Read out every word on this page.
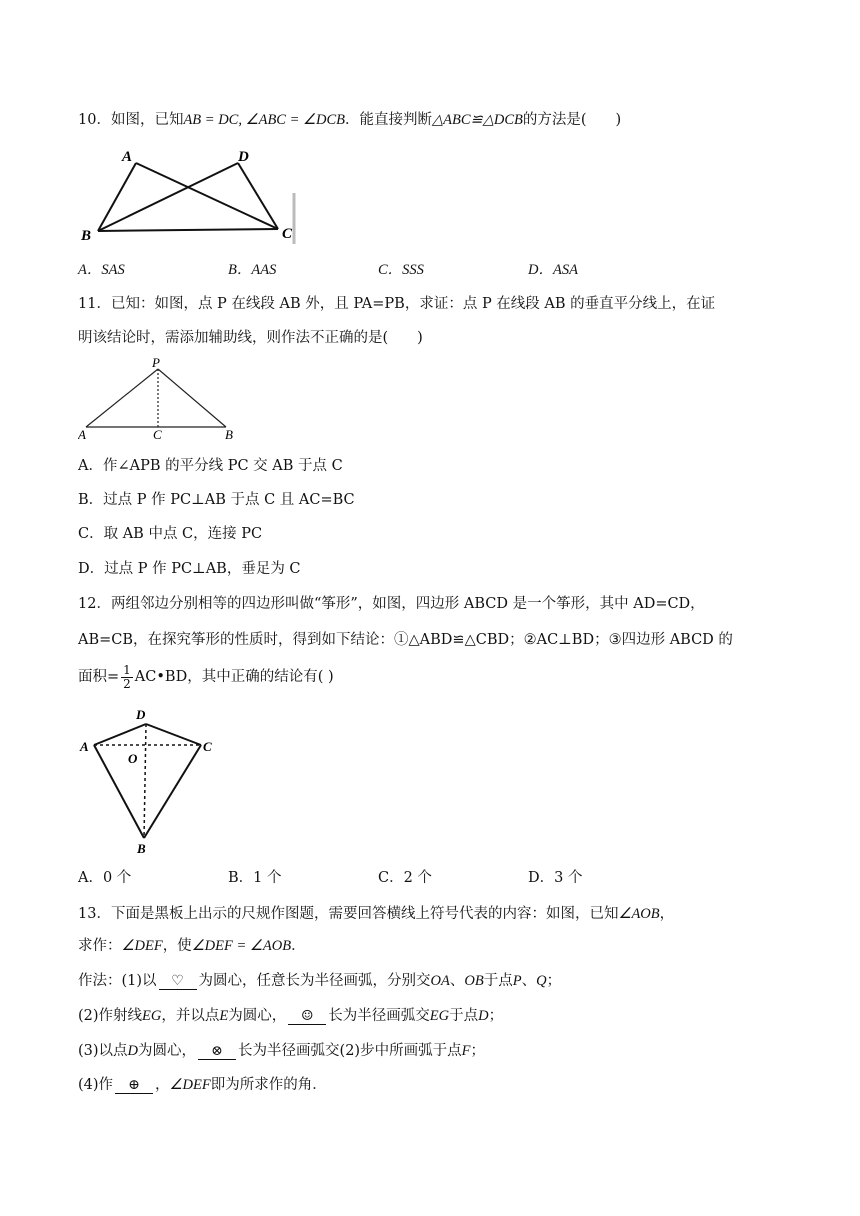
10．如图，已知AB = DC, ∠ABC = ∠DCB．能直接判断△ABC≌△DCB的方法是(　　)
A	D
B	C
A．SAS	B．AAS	C．SSS	D．ASA
11．已知：如图，点 P 在线段 AB 外，且 PA=PB，求证：点 P 在线段 AB 的垂直平分线上，在证
明该结论时，需添加辅助线，则作法不正确的是(　　)
P
A	C	B
A．作∠APB 的平分线 PC 交 AB 于点 C
B．过点 P 作 PC⊥AB 于点 C 且 AC=BC
C．取 AB 中点 C，连接 PC
D．过点 P 作 PC⊥AB，垂足为 C
12．两组邻边分别相等的四边形叫做“筝形”，如图，四边形 ABCD 是一个筝形，其中 AD=CD，
AB=CB，在探究筝形的性质时，得到如下结论：①△ABD≌△CBD；②AC⊥BD；③四边形 ABCD 的
面积= $\frac{1}{2}$ AC•BD，其中正确的结论有( )
D
A	C
O
B
A．0 个	B．1 个	C．2 个	D．3 个
13．下面是黑板上出示的尺规作图题，需要回答横线上符号代表的内容：如图，已知∠AOB，
求作：∠DEF，使∠DEF = ∠AOB．
作法：(1)以 ♡ 为圆心，任意长为半径画弧，分别交OA、OB于点P、Q；
(2)作射线EG，并以点E为圆心， ☺ 长为半径画弧交EG于点D；
(3)以点D为圆心， ⊗ 长为半径画弧交(2)步中所画弧于点F；
(4)作 ⊕ ，∠DEF即为所求作的角．
